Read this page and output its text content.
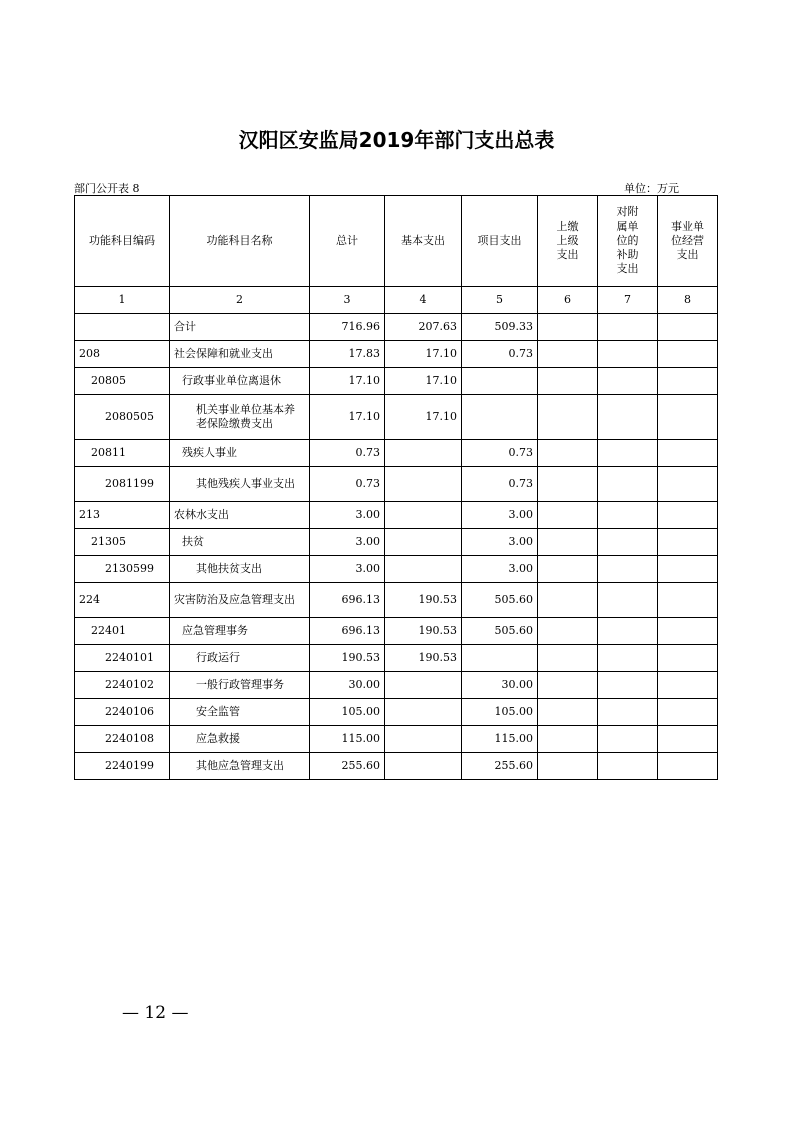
汉阳区安监局2019年部门支出总表
部门公开表 8	单位：万元
功能科目编码	功能科目名称	总计	基本支出	项目支出	上缴上级支出	对附属单位的补助支出	事业单位经营支出
1	2	3	4	5	6	7	8
	合计	716.96	207.63	509.33			
208	社会保障和就业支出	17.83	17.10	0.73			
20805	行政事业单位离退休	17.10	17.10				
2080505	机关事业单位基本养老保险缴费支出	17.10	17.10				
20811	残疾人事业	0.73		0.73			
2081199	其他残疾人事业支出	0.73		0.73			
213	农林水支出	3.00		3.00			
21305	扶贫	3.00		3.00			
2130599	其他扶贫支出	3.00		3.00			
224	灾害防治及应急管理支出	696.13	190.53	505.60			
22401	应急管理事务	696.13	190.53	505.60			
2240101	行政运行	190.53	190.53				
2240102	一般行政管理事务	30.00		30.00			
2240106	安全监管	105.00		105.00			
2240108	应急救援	115.00		115.00			
2240199	其他应急管理支出	255.60		255.60			
— 12 —
